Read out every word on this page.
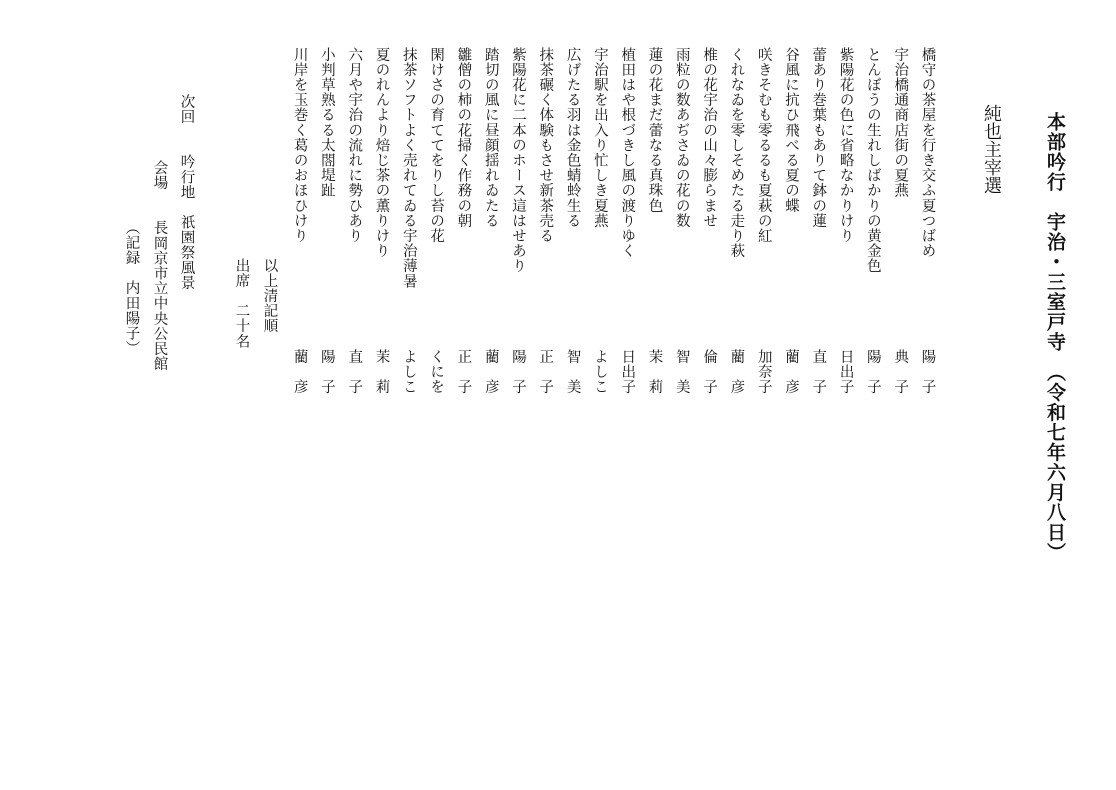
本部吟行　宇治・三室戸寺　（令和七年六月八日）
純也主宰選
橋守の茶屋を行き交ふ夏つばめ
陽　子
宇治橋通商店街の夏燕
典　子
とんぼうの生れしばかりの黄金色
陽　子
紫陽花の色に省略なかりけり
日出子
蕾あり巻葉もありて鉢の蓮
直　子
谷風に抗ひ飛べる夏の蝶
藺　彦
咲きそむも零るるも夏萩の紅
加奈子
くれなゐを零しそめたる走り萩
藺　彦
椎の花宇治の山々膨らませ
倫　子
雨粒の数あぢさゐの花の数
智　美
蓮の花まだ蕾なる真珠色
茉　莉
植田はや根づきし風の渡りゆく
日出子
宇治駅を出入り忙しき夏燕
よしこ
広げたる羽は金色蜻蛉生る
智　美
抹茶碾く体験もさせ新茶売る
正　子
紫陽花に二本のホース這はせあり
陽　子
踏切の風に昼顔揺れゐたる
藺　彦
雛僧の柿の花掃く作務の朝
正　子
閑けさの育ててをりし苔の花
くにを
抹茶ソフトよく売れてゐる宇治薄暑
よしこ
夏のれんより焙じ茶の薫りけり
茉　莉
六月や宇治の流れに勢ひあり
直　子
小判草熟るる太閤堤趾
陽　子
川岸を玉巻く葛のおほひけり
藺　彦
以上清記順
出席　二十名
次回　　吟行地　祇園祭風景
会場　　長岡京市立中央公民館
（記録　内田陽子）
